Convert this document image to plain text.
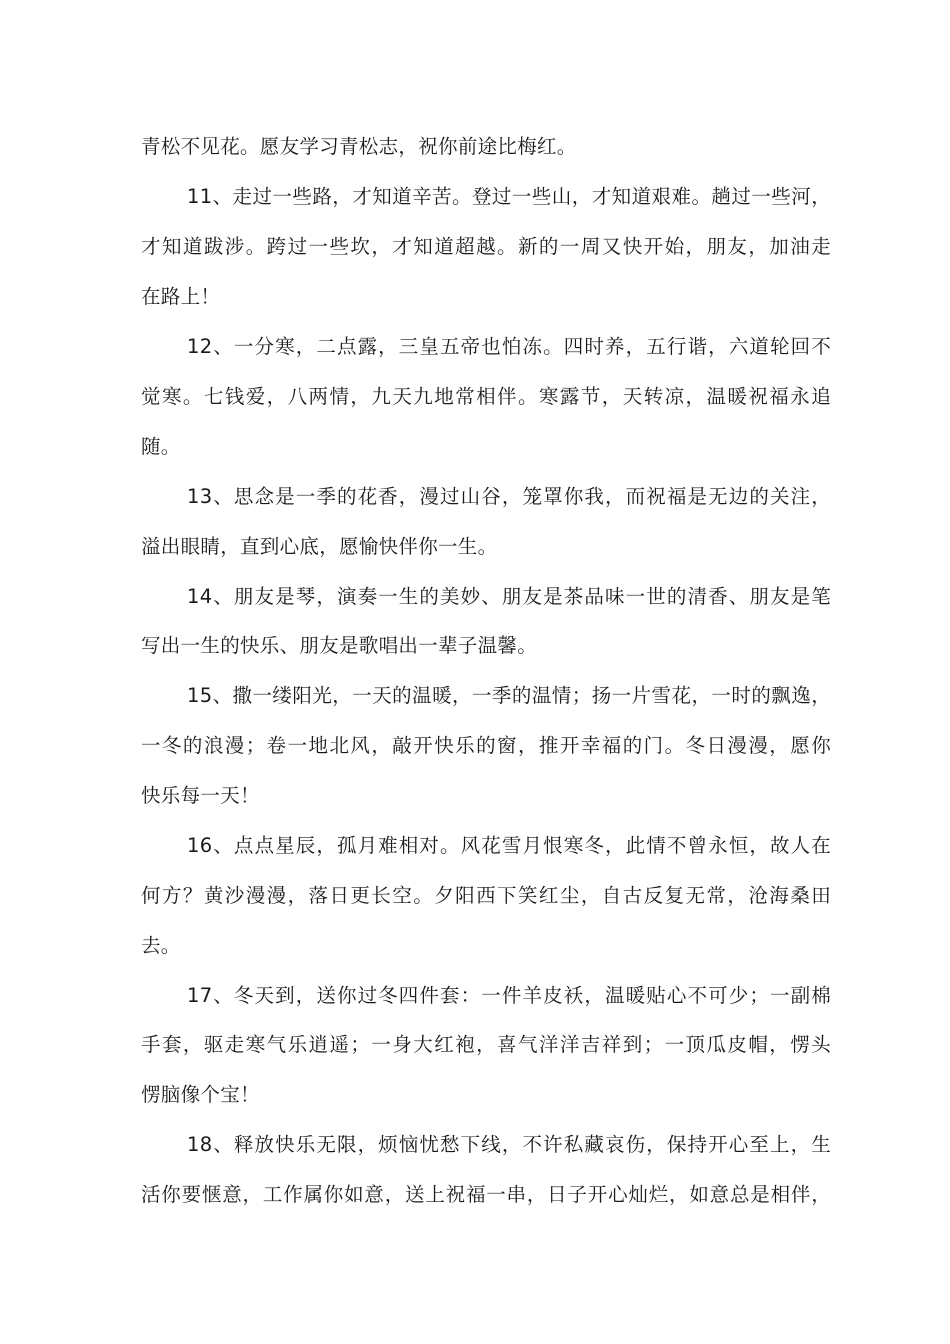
青松不见花。愿友学习青松志，祝你前途比梅红。
11、走过一些路，才知道辛苦。登过一些山，才知道艰难。趟过一些河，
才知道跋涉。跨过一些坎，才知道超越。新的一周又快开始，朋友，加油走
在路上！
12、一分寒，二点露，三皇五帝也怕冻。四时养，五行谐，六道轮回不
觉寒。七钱爱，八两情，九天九地常相伴。寒露节，天转凉，温暖祝福永追
随。
13、思念是一季的花香，漫过山谷，笼罩你我，而祝福是无边的关注，
溢出眼睛，直到心底，愿愉快伴你一生。
14、朋友是琴，演奏一生的美妙、朋友是茶品味一世的清香、朋友是笔
写出一生的快乐、朋友是歌唱出一辈子温馨。
15、撒一缕阳光，一天的温暖，一季的温情；扬一片雪花，一时的飘逸，
一冬的浪漫；卷一地北风，敲开快乐的窗，推开幸福的门。冬日漫漫，愿你
快乐每一天！
16、点点星辰，孤月难相对。风花雪月恨寒冬，此情不曾永恒，故人在
何方？黄沙漫漫，落日更长空。夕阳西下笑红尘，自古反复无常，沧海桑田
去。
17、冬天到，送你过冬四件套：一件羊皮袄，温暖贴心不可少；一副棉
手套，驱走寒气乐逍遥；一身大红袍，喜气洋洋吉祥到；一顶瓜皮帽，愣头
愣脑像个宝！
18、释放快乐无限，烦恼忧愁下线，不许私藏哀伤，保持开心至上，生
活你要惬意，工作属你如意，送上祝福一串，日子开心灿烂，如意总是相伴，
